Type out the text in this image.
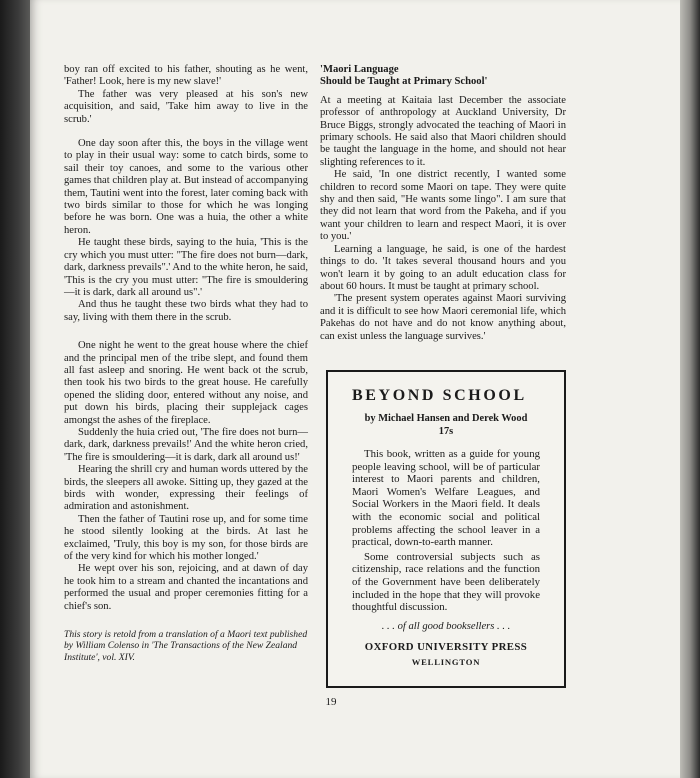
boy ran off excited to his father, shouting as he went, 'Father! Look, here is my new slave!'

The father was very pleased at his son's new acquisition, and said, 'Take him away to live in the scrub.'

One day soon after this, the boys in the village went to play in their usual way: some to catch birds, some to sail their toy canoes, and some to the various other games that children play at. But instead of accompanying them, Tautini went into the forest, later coming back with two birds similar to those for which he was longing before he was born. One was a huia, the other a white heron.

He taught these birds, saying to the huia, 'This is the cry which you must utter: "The fire does not burn—dark, dark, darkness prevails".' And to the white heron, he said, 'This is the cry you must utter: "The fire is smouldering—it is dark, dark all around us".'

And thus he taught these two birds what they had to say, living with them there in the scrub.

One night he went to the great house where the chief and the principal men of the tribe slept, and found them all fast asleep and snoring. He went back ot the scrub, then took his two birds to the great house. He carefully opened the sliding door, entered without any noise, and put down his birds, placing their supplejack cages amongst the ashes of the fireplace.

Suddenly the huia cried out, 'The fire does not burn—dark, dark, darkness prevails!' And the white heron cried, 'The fire is smouldering—it is dark, dark all around us!'

Hearing the shrill cry and human words uttered by the birds, the sleepers all awoke. Sitting up, they gazed at the birds with wonder, expressing their feelings of admiration and astonishment.

Then the father of Tautini rose up, and for some time he stood silently looking at the birds. At last he exclaimed, 'Truly, this boy is my son, for those birds are of the very kind for which his mother longed.'

He wept over his son, rejoicing, and at dawn of day he took him to a stream and chanted the incantations and performed the usual and proper ceremonies fitting for a chief's son.

This story is retold from a translation of a Maori text published by William Colenso in 'The Transactions of the New Zealand Institute', vol. XIV.

'Maori Language
Should be Taught at Primary School'

At a meeting at Kaitaia last December the associate professor of anthropology at Auckland University, Dr Bruce Biggs, strongly advocated the teaching of Maori in primary schools. He said also that Maori children should be taught the language in the home, and should not hear slighting references to it.

He said, 'In one district recently, I wanted some children to record some Maori on tape. They were quite shy and then said, "He wants some lingo". I am sure that they did not learn that word from the Pakeha, and if you want your children to learn and respect Maori, it is over to you.'

Learning a language, he said, is one of the hardest things to do. 'It takes several thousand hours and you won't learn it by going to an adult education class for about 60 hours. It must be taught at primary school.

'The present system operates against Maori surviving and it is difficult to see how Maori ceremonial life, which Pakehas do not have and do not know anything about, can exist unless the language survives.'

BEYOND SCHOOL
by Michael Hansen and Derek Wood
17s

This book, written as a guide for young people leaving school, will be of particular interest to Maori parents and children, Maori Women's Welfare Leagues, and Social Workers in the Maori field. It deals with the economic social and political problems affecting the school leaver in a practical, down-to-earth manner.

Some controversial subjects such as citizenship, race relations and the function of the Government have been deliberately included in the hope that they will provoke thoughtful discussion.

. . . of all good booksellers . . .
OXFORD UNIVERSITY PRESS
WELLINGTON
19
